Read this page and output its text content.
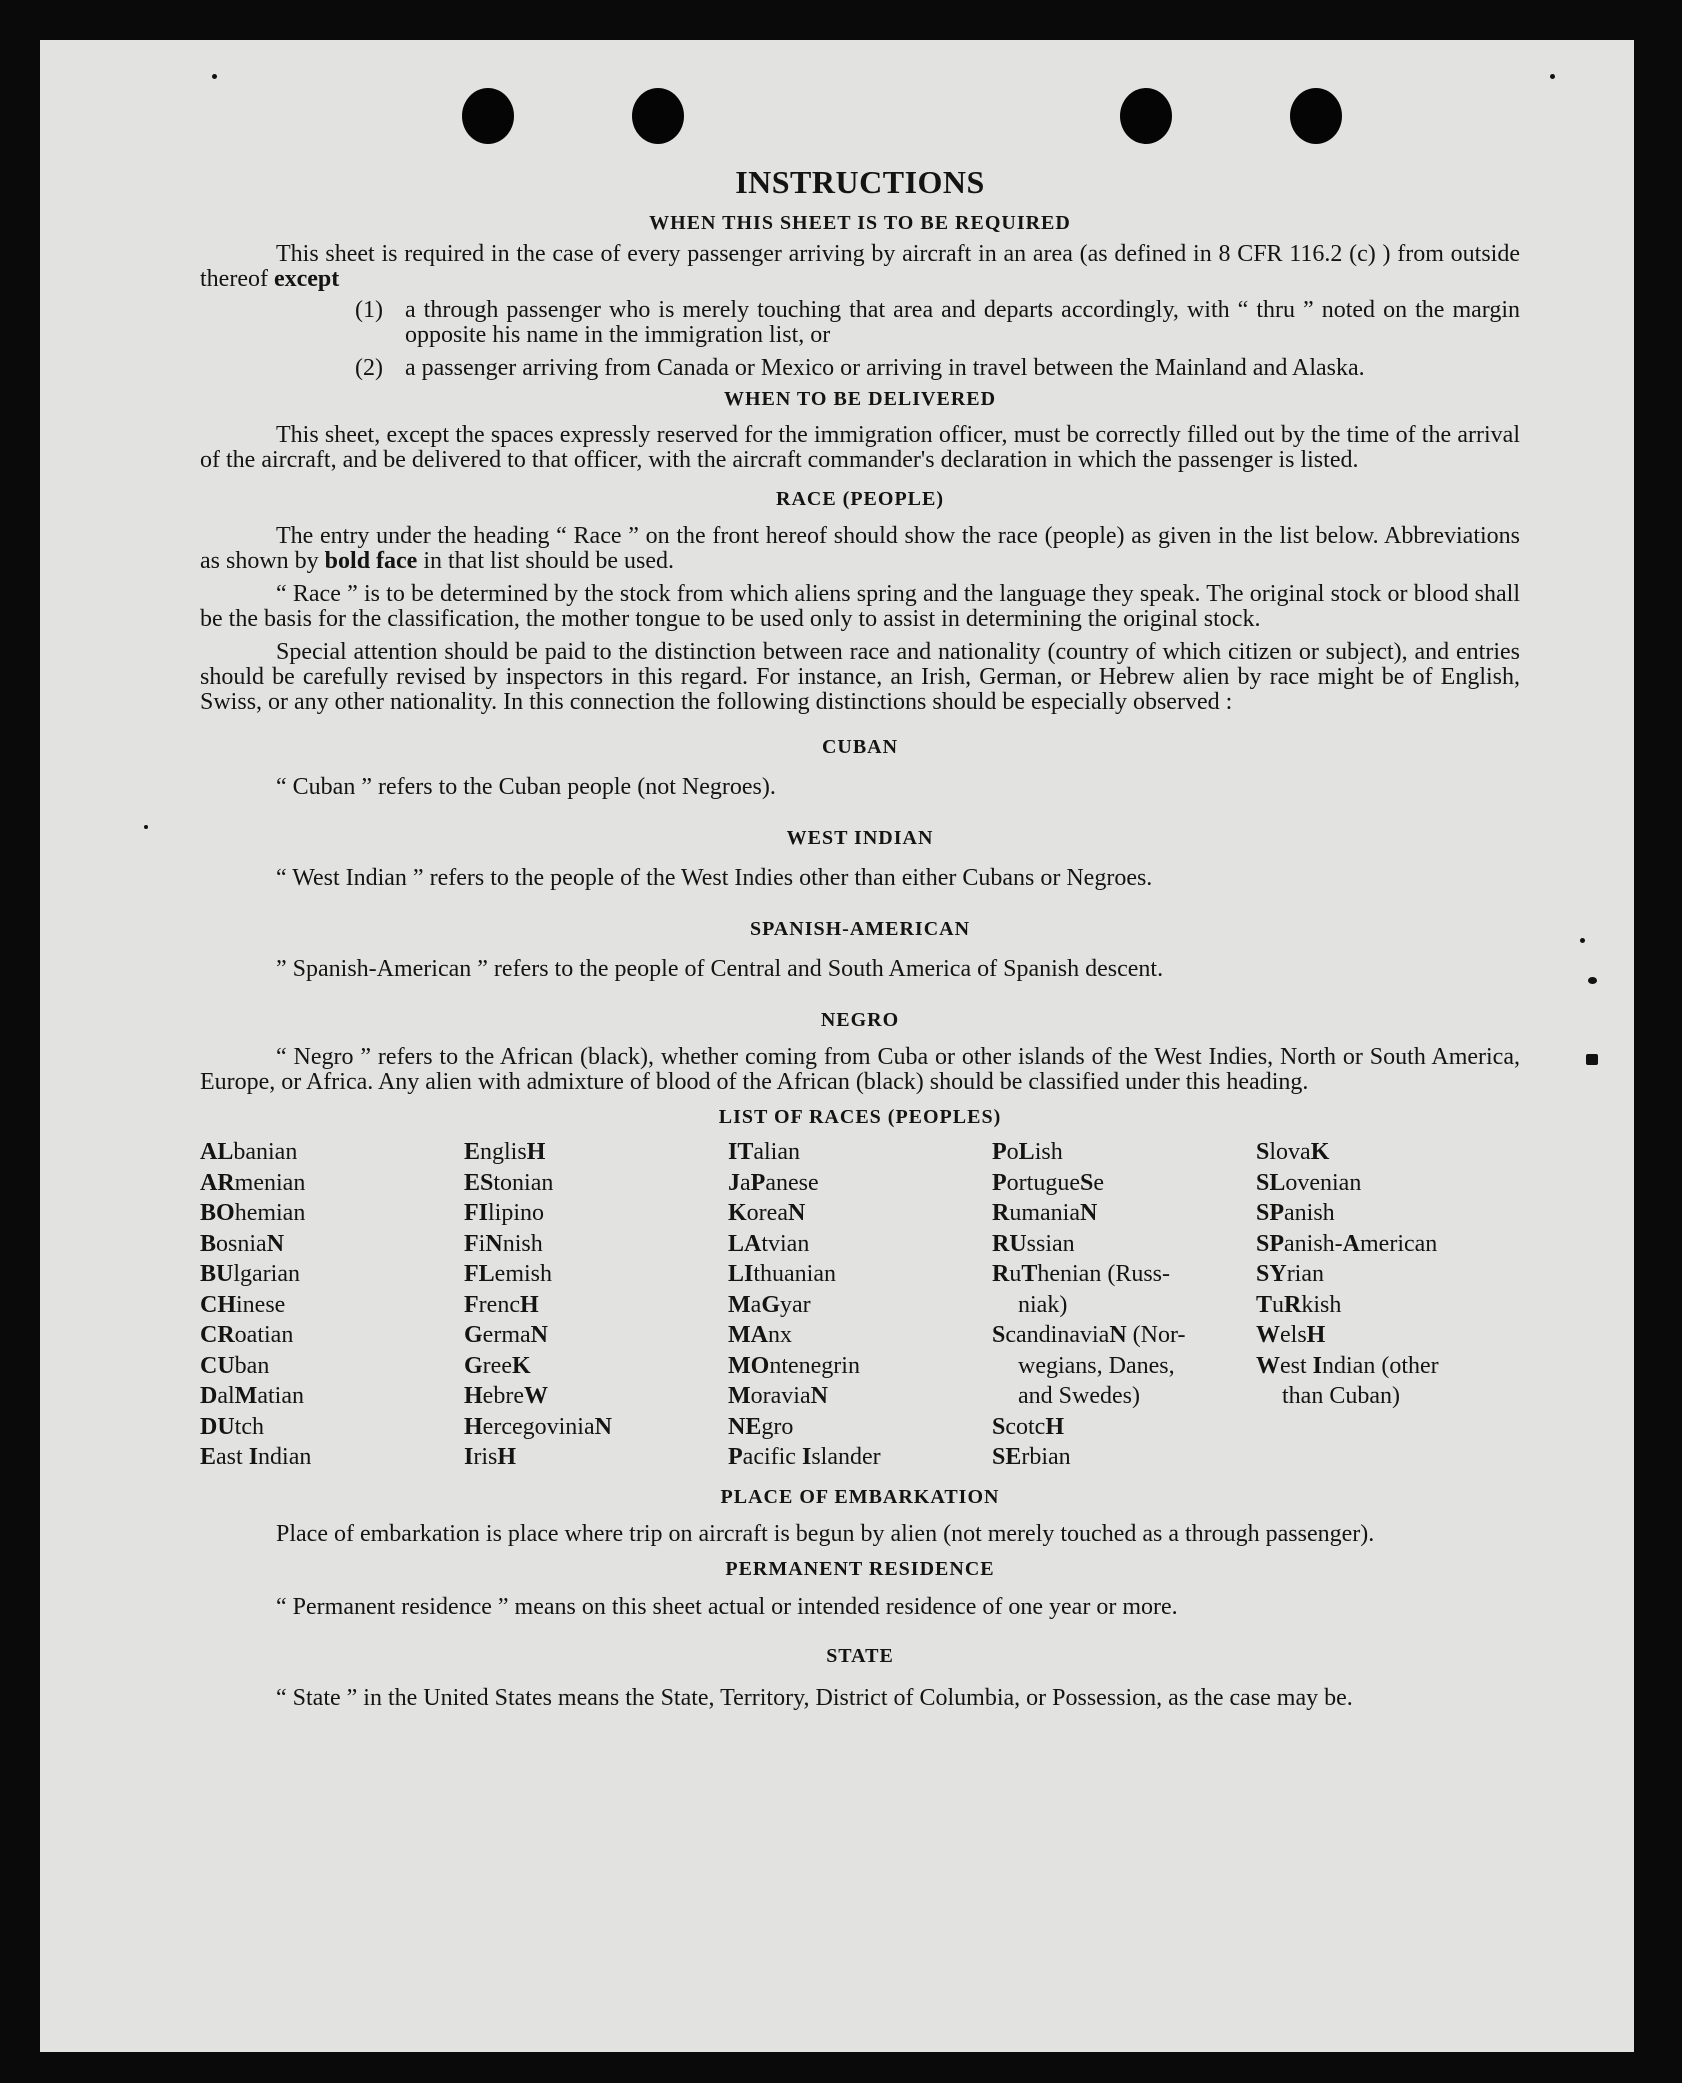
INSTRUCTIONS
WHEN THIS SHEET IS TO BE REQUIRED

This sheet is required in the case of every passenger arriving by aircraft in an area (as defined in 8 CFR 116.2 (c) ) from outside thereof except

(1) a through passenger who is merely touching that area and departs accordingly, with “ thru ” noted on the margin opposite his name in the immigration list, or
(2) a passenger arriving from Canada or Mexico or arriving in travel between the Mainland and Alaska.
WHEN TO BE DELIVERED

This sheet, except the spaces expressly reserved for the immigration officer, must be correctly filled out by the time of the arrival of the aircraft, and be delivered to that officer, with the aircraft commander's declaration in which the passenger is listed.

RACE (PEOPLE)

The entry under the heading “ Race ” on the front hereof should show the race (people) as given in the list below. Abbreviations as shown by bold face in that list should be used.

“ Race ” is to be determined by the stock from which aliens spring and the language they speak. The original stock or blood shall be the basis for the classification, the mother tongue to be used only to assist in determining the original stock.

Special attention should be paid to the distinction between race and nationality (country of which citizen or subject), and entries should be carefully revised by inspectors in this regard. For instance, an Irish, German, or Hebrew alien by race might be of English, Swiss, or any other nationality. In this connection the following distinctions should be especially observed :

CUBAN

“ Cuban ” refers to the Cuban people (not Negroes).

WEST INDIAN

“ West Indian ” refers to the people of the West Indies other than either Cubans or Negroes.

SPANISH-AMERICAN

” Spanish-American ” refers to the people of Central and South America of Spanish descent.

NEGRO

“ Negro ” refers to the African (black), whether coming from Cuba or other islands of the West Indies, North or South America, Europe, or Africa. Any alien with admixture of blood of the African (black) should be classified under this heading.

LIST OF RACES (PEOPLES)
ALbanian
ARmenian
BOhemian
BosniaN
BUlgarian
CHinese
CRoatian
CUban
DalMatian
DUtch
East Indian
EnglisH
EStonian
FIlipino
FiNnish
FLemish
FrencH
GermaN
GreeK
HebreW
HercegoviniaN
IrisH
ITalian
JaPanese
KoreaN
LAtvian
LIthuanian
MaGyar
MAnx
MOntenegrin
MoraviaN
NEgro
Pacific Islander
PoLish
PortugueSe
RumaniaN
RUssian
RuThenian (Russ-
niak)
ScandinaviaN (Nor-
wegians, Danes,
and Swedes)
ScotcH
SErbian
SlovaK
SLovenian
SPanish
SPanish-American
SYrian
TuRkish
WelsH
West Indian (other
than Cuban)
PLACE OF EMBARKATION

Place of embarkation is place where trip on aircraft is begun by alien (not merely touched as a through passenger).

PERMANENT RESIDENCE

“ Permanent residence ” means on this sheet actual or intended residence of one year or more.

STATE

“ State ” in the United States means the State, Territory, District of Columbia, or Possession, as the case may be.
